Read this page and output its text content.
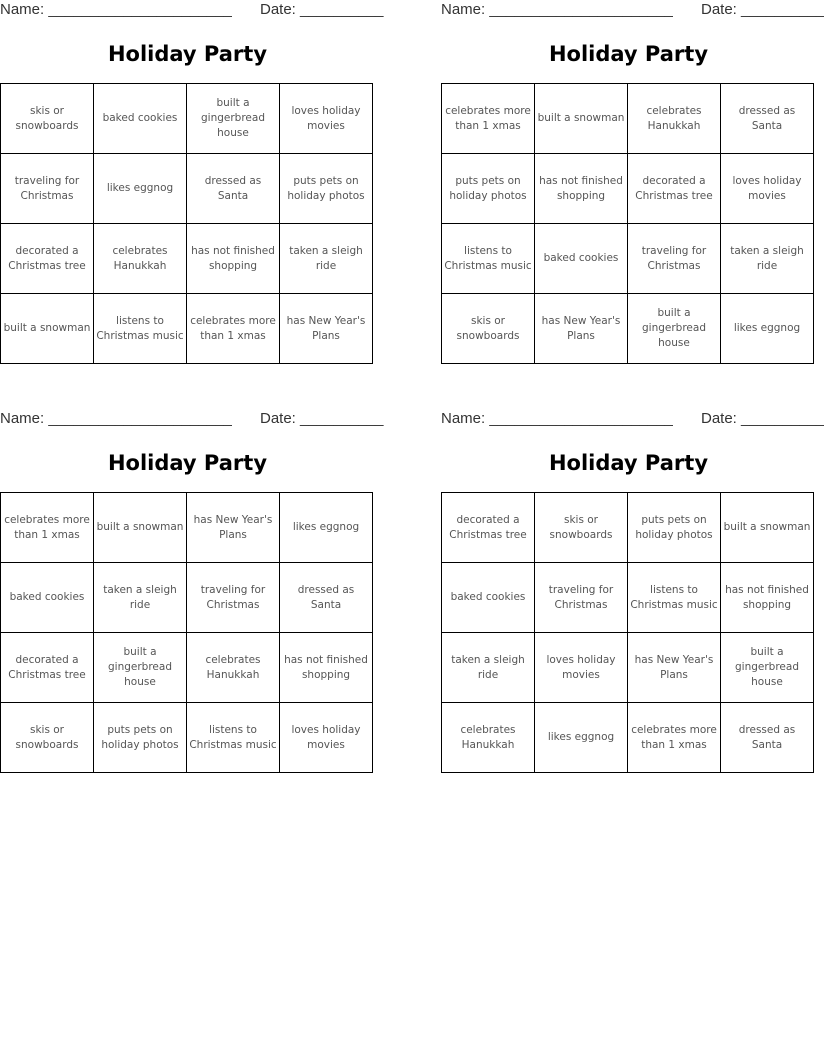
Name: ______________________ Date: __________
Holiday Party
skis or snowboards	baked cookies	built a gingerbread house	loves holiday movies

traveling for Christmas	likes eggnog	dressed as Santa	puts pets on holiday photos

decorated a Christmas tree	celebrates Hanukkah	has not finished shopping	taken a sleigh ride

built a snowman	listens to Christmas music	celebrates more than 1 xmas	has New Year's Plans
Name: ______________________ Date: __________
Holiday Party
celebrates more than 1 xmas	built a snowman	celebrates Hanukkah	dressed as Santa

puts pets on holiday photos	has not finished shopping	decorated a Christmas tree	loves holiday movies

listens to Christmas music	baked cookies	traveling for Christmas	taken a sleigh ride

skis or snowboards	has New Year's Plans	built a gingerbread house	likes eggnog
Name: ______________________ Date: __________
Holiday Party
celebrates more than 1 xmas	built a snowman	has New Year's Plans	likes eggnog

baked cookies	taken a sleigh ride	traveling for Christmas	dressed as Santa

decorated a Christmas tree	built a gingerbread house	celebrates Hanukkah	has not finished shopping

skis or snowboards	puts pets on holiday photos	listens to Christmas music	loves holiday movies
Name: ______________________ Date: __________
Holiday Party
decorated a Christmas tree	skis or snowboards	puts pets on holiday photos	built a snowman

baked cookies	traveling for Christmas	listens to Christmas music	has not finished shopping

taken a sleigh ride	loves holiday movies	has New Year's Plans	built a gingerbread house

celebrates Hanukkah	likes eggnog	celebrates more than 1 xmas	dressed as Santa
